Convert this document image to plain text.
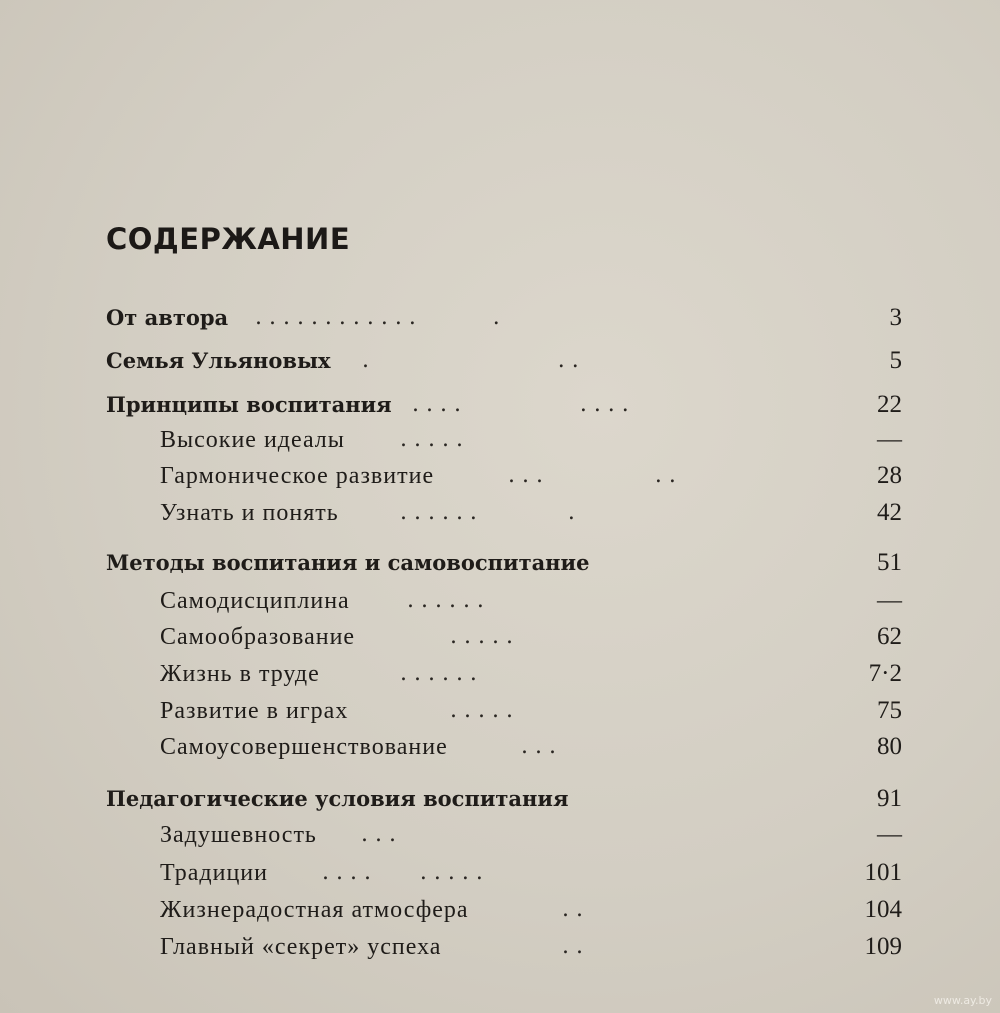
СОДЕРЖАНИЕ
От автора . . . . . . . . . . . .           .	3
Семья Ульяновых .                           . .	5
Принципы воспитания . . . .                 . . . .	22
Высокие идеалы	. . . . .	—
Гармоническое развитие	. . .                . .	28
Узнать и понять	. . . . . .             .	42
Методы воспитания и самовоспитание	51
Самодисциплина	. . . . . .	—
Самообразование	. . . . .	62
Жизнь в труде	. . . . . .	7·2
Развитие в играх	. . . . .	75
Самоусовершенствование	. . .	80
Педагогические условия воспитания	91
Задушевность . . .	—
Традиции . . . .       . . . . .	101
Жизнерадостная атмосфера	. .	104
Главный «секрет» успеха	. .	109
www.ay.by
